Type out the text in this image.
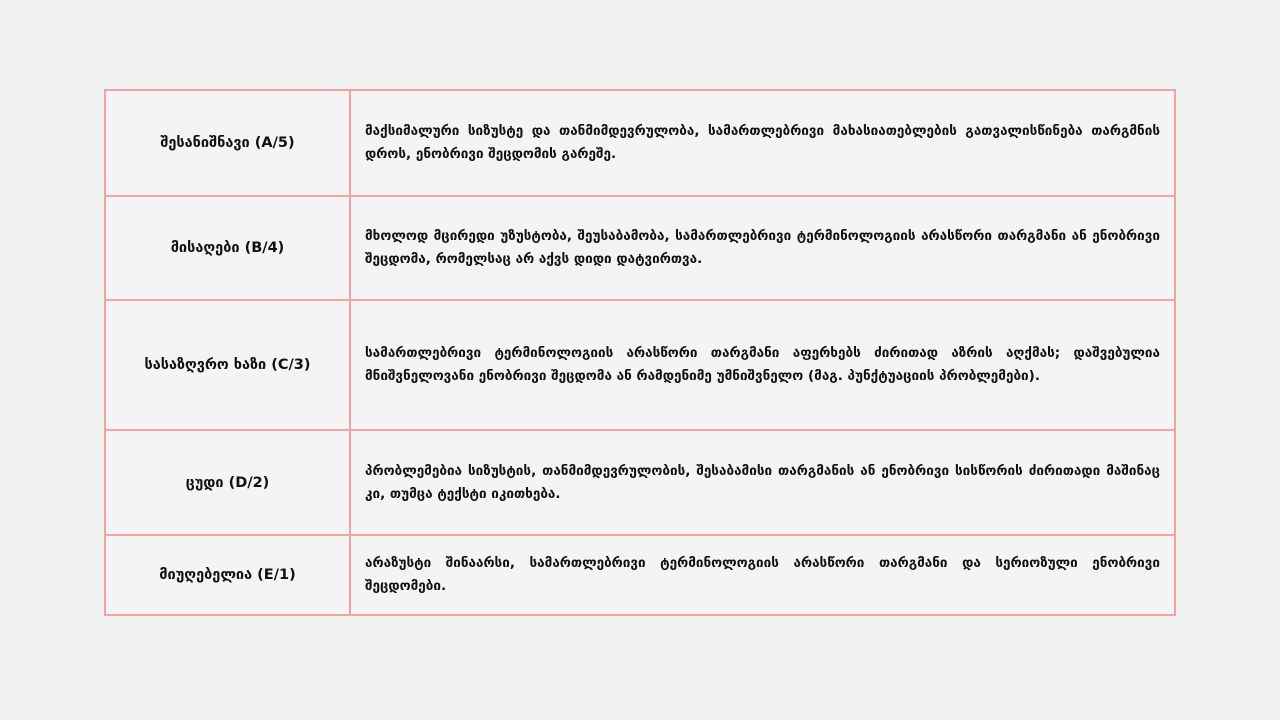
შესანიშნავი (A/5)	მაქსიმალური სიზუსტე და თანმიმდევრულობა, სამართლებრივი მახასიათებლების გათვალისწინება თარგმნის დროს, ენობრივი შეცდომის გარეშე.

მისაღები (B/4)	მხოლოდ მცირედი უზუსტობა, შეუსაბამობა, სამართლებრივი ტერმინოლოგიის არასწორი თარგმანი ან ენობრივი შეცდომა, რომელსაც არ აქვს დიდი დატვირთვა.

სასაზღვრო ხაზი (C/3)	სამართლებრივი ტერმინოლოგიის არასწორი თარგმანი აფერხებს ძირითად აზრის აღქმას; დაშვებულია მნიშვნელოვანი ენობრივი შეცდომა ან რამდენიმე უმნიშვნელო (მაგ. პუნქტუაციის პრობლემები).

ცუდი (D/2)	პრობლემებია სიზუსტის, თანმიმდევრულობის, შესაბამისი თარგმანის ან ენობრივი სისწორის ძირითადი მაშინაც კი, თუმცა ტექსტი იკითხება.

მიუღებელია (E/1)	არაზუსტი შინაარსი, სამართლებრივი ტერმინოლოგიის არასწორი თარგმანი და სერიოზული ენობრივი შეცდომები.
